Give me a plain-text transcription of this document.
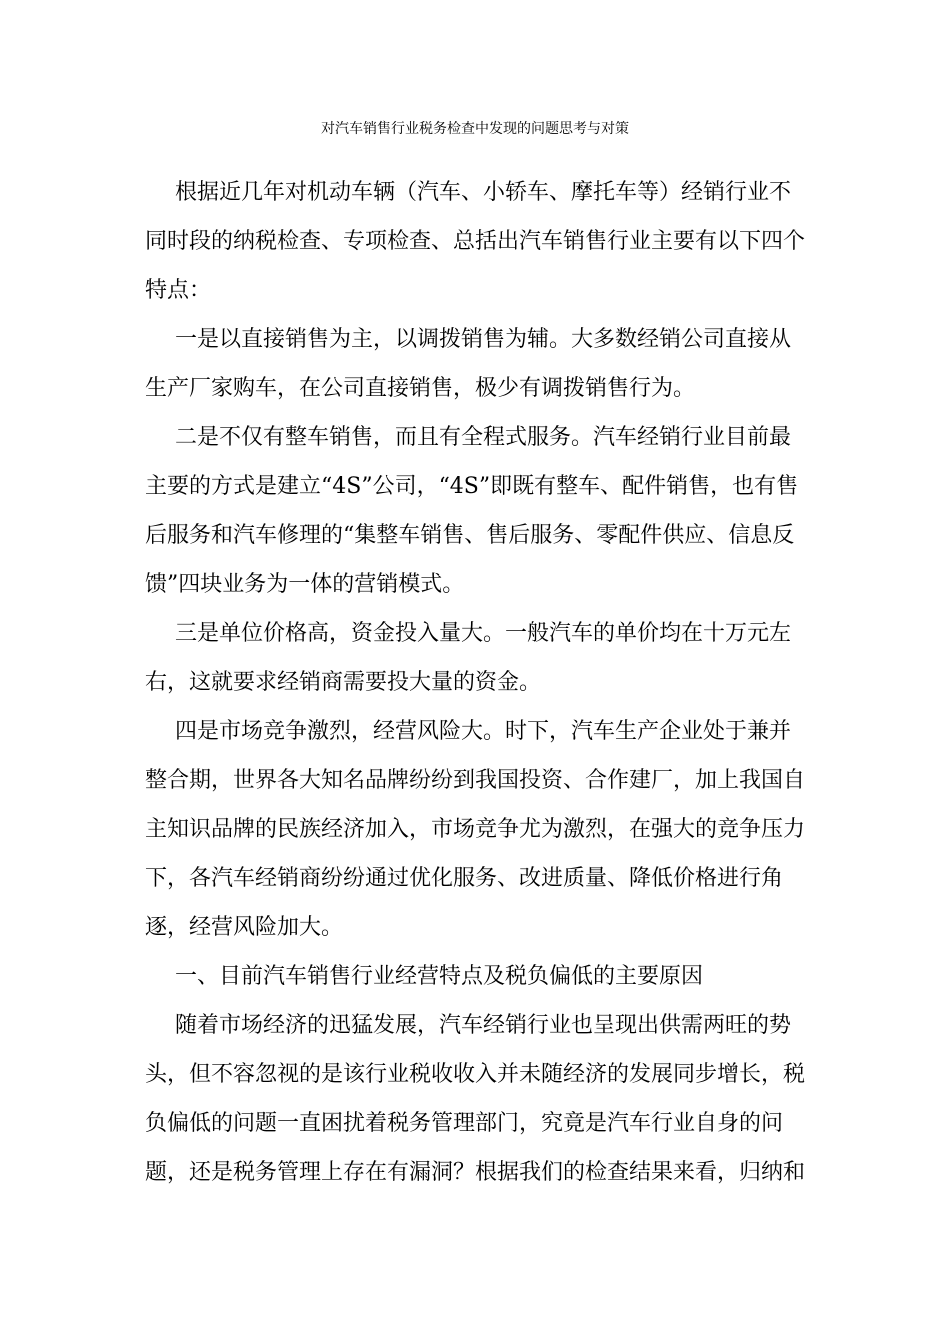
对汽车销售行业税务检查中发现的问题思考与对策

根据近几年对机动车辆（汽车、小轿车、摩托车等）经销行业不同时段的纳税检查、专项检查、总括出汽车销售行业主要有以下四个特点：

一是以直接销售为主，以调拨销售为辅。大多数经销公司直接从生产厂家购车，在公司直接销售，极少有调拨销售行为。

二是不仅有整车销售，而且有全程式服务。汽车经销行业目前最主要的方式是建立“4S”公司，“4S”即既有整车、配件销售，也有售后服务和汽车修理的“集整车销售、售后服务、零配件供应、信息反馈”四块业务为一体的营销模式。

三是单位价格高，资金投入量大。一般汽车的单价均在十万元左右，这就要求经销商需要投大量的资金。

四是市场竞争激烈，经营风险大。时下，汽车生产企业处于兼并整合期，世界各大知名品牌纷纷到我国投资、合作建厂，加上我国自主知识品牌的民族经济加入，市场竞争尤为激烈，在强大的竞争压力下，各汽车经销商纷纷通过优化服务、改进质量、降低价格进行角逐，经营风险加大。

一、目前汽车销售行业经营特点及税负偏低的主要原因

随着市场经济的迅猛发展，汽车经销行业也呈现出供需两旺的势头，但不容忽视的是该行业税收收入并未随经济的发展同步增长，税负偏低的问题一直困扰着税务管理部门，究竟是汽车行业自身的问题，还是税务管理上存在有漏洞？根据我们的检查结果来看，归纳和
